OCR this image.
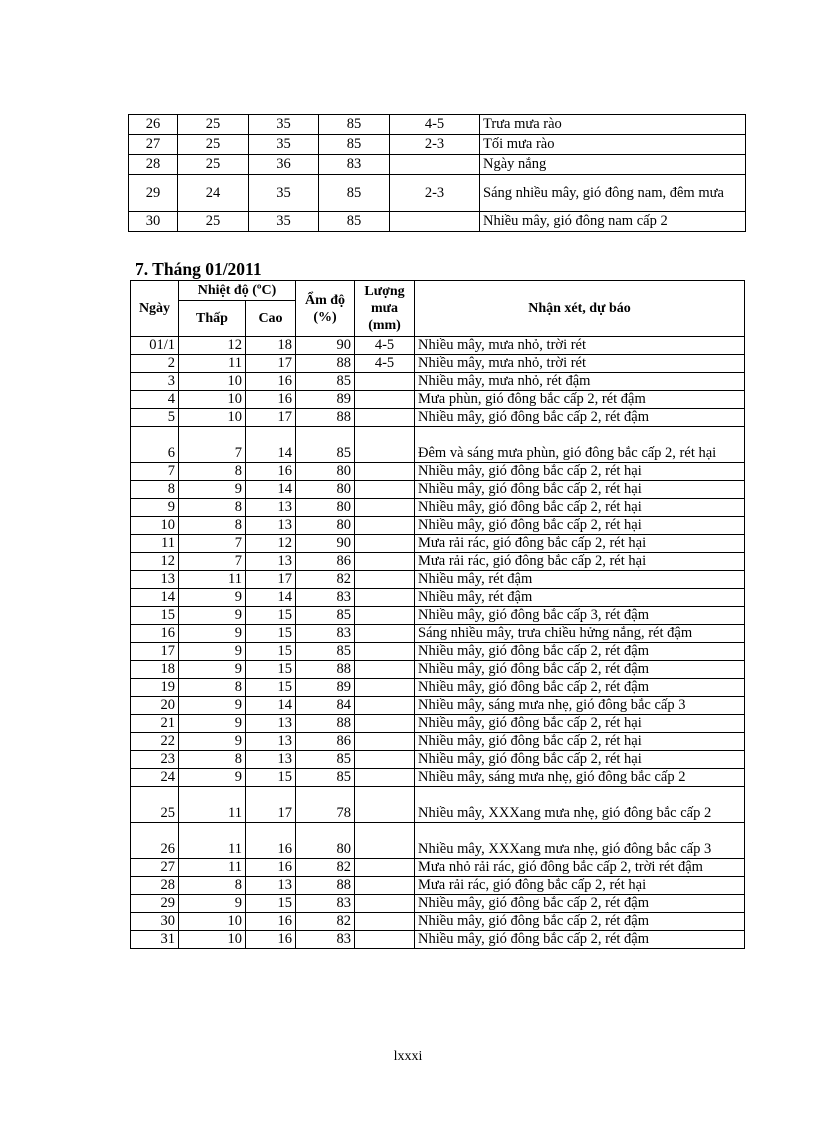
26	25	35	85	4-5	Trưa mưa rào
27	25	35	85	2-3	Tối mưa rào
28	25	36	83		Ngày nắng
29	24	35	85	2-3	Sáng nhiều mây, gió đông nam, đêm mưa
30	25	35	85		Nhiều mây, gió đông nam cấp 2
7. Tháng 01/2011
Ngày	Nhiệt độ (ºC)		Ẩm độ (%)	Lượng mưa (mm)	Nhận xét, dự báo
	Thấp	Cao			
01/1	12	18	90	4-5	Nhiều mây, mưa nhỏ, trời rét
2	11	17	88	4-5	Nhiều mây, mưa nhỏ, trời rét
3	10	16	85		Nhiều mây, mưa nhỏ, rét đậm
4	10	16	89		Mưa phùn, gió đông bắc cấp 2, rét đậm
5	10	17	88		Nhiều mây, gió đông bắc cấp 2, rét đậm
6	7	14	85		Đêm và sáng mưa phùn, gió đông bắc cấp 2, rét hại
7	8	16	80		Nhiều mây, gió đông bắc cấp 2, rét hại
8	9	14	80		Nhiều mây, gió đông bắc cấp 2, rét hại
9	8	13	80		Nhiều mây, gió đông bắc cấp 2, rét hại
10	8	13	80		Nhiều mây, gió đông bắc cấp 2, rét hại
11	7	12	90		Mưa rải rác, gió đông bắc cấp 2, rét hại
12	7	13	86		Mưa rải rác, gió đông bắc cấp 2, rét hại
13	11	17	82		Nhiều mây, rét đậm
14	9	14	83		Nhiều mây, rét đậm
15	9	15	85		Nhiều mây, gió đông bắc cấp 3, rét đậm
16	9	15	83		Sáng nhiều mây, trưa chiều hửng nắng, rét đậm
17	9	15	85		Nhiều mây, gió đông bắc cấp 2, rét đậm
18	9	15	88		Nhiều mây, gió đông bắc cấp 2, rét đậm
19	8	15	89		Nhiều mây, gió đông bắc cấp 2, rét đậm
20	9	14	84		Nhiều mây, sáng mưa nhẹ, gió đông bắc cấp 3
21	9	13	88		Nhiều mây, gió đông bắc cấp 2, rét hại
22	9	13	86		Nhiều mây, gió đông bắc cấp 2, rét hại
23	8	13	85		Nhiều mây, gió đông bắc cấp 2, rét hại
24	9	15	85		Nhiều mây, sáng mưa nhẹ, gió đông bắc cấp 2
25	11	17	78		Nhiều mây, XXXang mưa nhẹ, gió đông bắc cấp 2
26	11	16	80		Nhiều mây, XXXang mưa nhẹ, gió đông bắc cấp 3
27	11	16	82		Mưa nhỏ rải rác, gió đông bắc cấp 2, trời rét đậm
28	8	13	88		Mưa rải rác, gió đông bắc cấp 2, rét hại
29	9	15	83		Nhiều mây, gió đông bắc cấp 2, rét đậm
30	10	16	82		Nhiều mây, gió đông bắc cấp 2, rét đậm
31	10	16	83		Nhiều mây, gió đông bắc cấp 2, rét đậm
lxxxi
